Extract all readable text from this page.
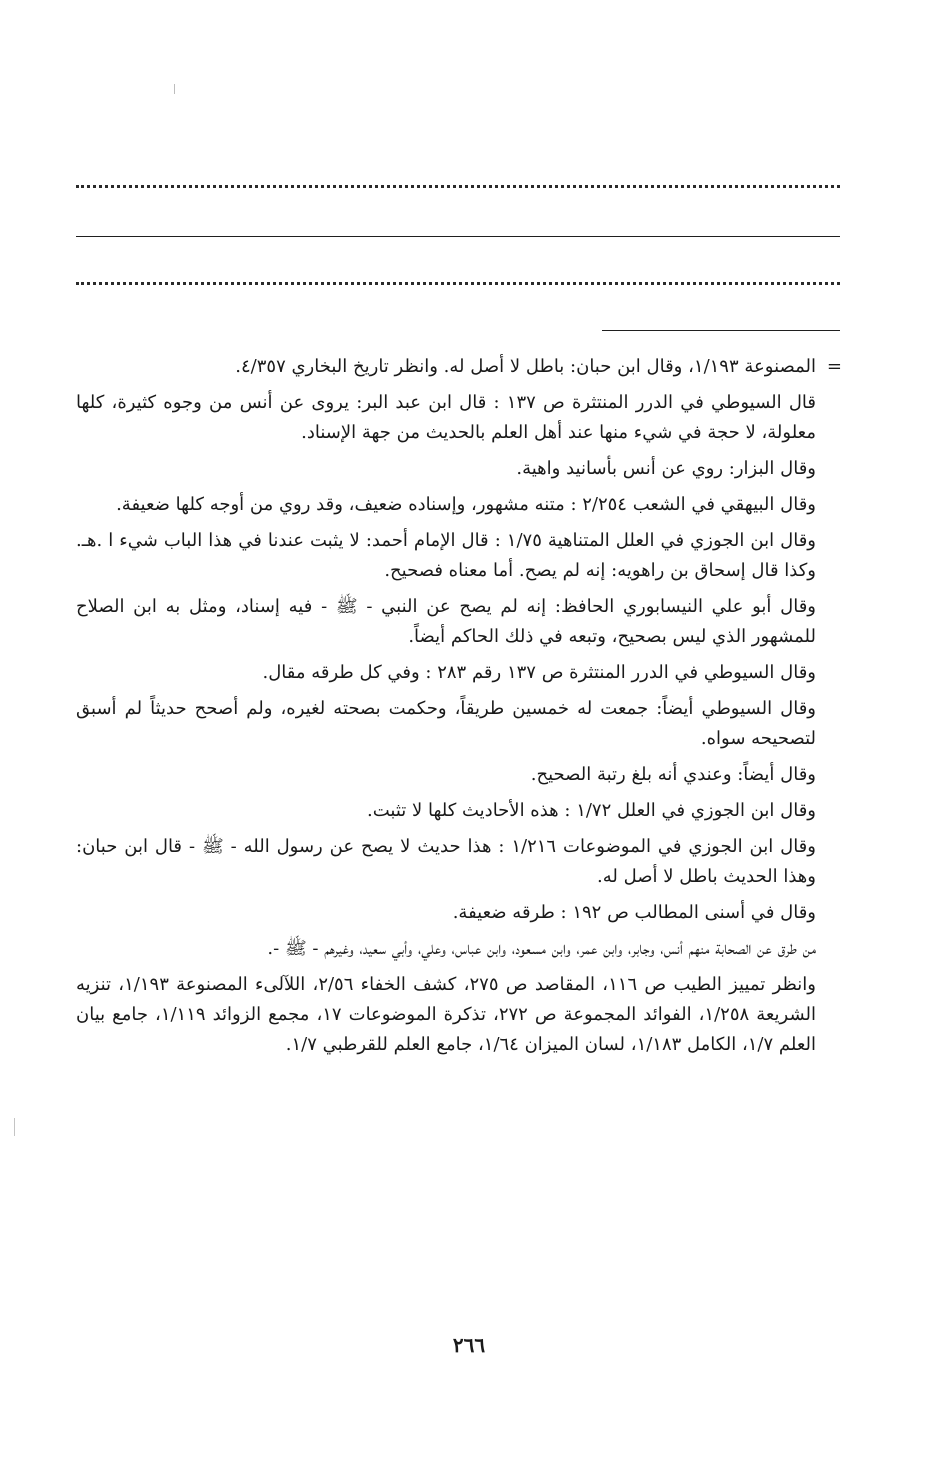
=

المصنوعة ١/١٩٣، وقال ابن حبان: باطل لا أصل له. وانظر تاريخ البخاري ٤/٣٥٧.

قال السيوطي في الدرر المنتثرة ص ١٣٧ : قال ابن عبد البر: يروى عن أنس من وجوه كثيرة، كلها معلولة، لا حجة في شيء منها عند أهل العلم بالحديث من جهة الإسناد.

وقال البزار: روي عن أنس بأسانيد واهية.

وقال البيهقي في الشعب ٢/٢٥٤ : متنه مشهور، وإسناده ضعيف، وقد روي من أوجه كلها ضعيفة.

وقال ابن الجوزي في العلل المتناهية ١/٧٥ : قال الإمام أحمد: لا يثبت عندنا في هذا الباب شيء ا .هـ. وكذا قال إسحاق بن راهويه: إنه لم يصح. أما معناه فصحيح.

وقال أبو علي النيسابوري الحافظ: إنه لم يصح عن النبي - ﷺ - فيه إسناد، ومثل به ابن الصلاح للمشهور الذي ليس بصحيح، وتبعه في ذلك الحاكم أيضاً.

وقال السيوطي في الدرر المنتثرة ص ١٣٧ رقم ٢٨٣ : وفي كل طرقه مقال.

وقال السيوطي أيضاً: جمعت له خمسين طريقاً، وحكمت بصحته لغيره، ولم أصحح حديثاً لم أسبق لتصحيحه سواه.

وقال أيضاً: وعندي أنه بلغ رتبة الصحيح.

وقال ابن الجوزي في العلل ١/٧٢ : هذه الأحاديث كلها لا تثبت.

وقال ابن الجوزي في الموضوعات ١/٢١٦ : هذا حديث لا يصح عن رسول الله - ﷺ - قال ابن حبان: وهذا الحديث باطل لا أصل له.

وقال في أسنى المطالب ص ١٩٢ : طرقه ضعيفة.

من طرق عن الصحابة منهم أنس، وجابر، وابن عمر، وابن مسعود، وابن عباس، وعلي، وأبي سعيد، وغيرهم - ﷺ -.

وانظر تمييز الطيب ص ١١٦، المقاصد ص ٢٧٥، كشف الخفاء ٢/٥٦، اللآلىء المصنوعة ١/١٩٣، تنزيه الشريعة ١/٢٥٨، الفوائد المجموعة ص ٢٧٢، تذكرة الموضوعات ١٧، مجمع الزوائد ١/١١٩، جامع بيان العلم ١/٧، الكامل ١/١٨٣، لسان الميزان ١/٦٤، جامع العلم للقرطبي ١/٧.

٢٦٦
